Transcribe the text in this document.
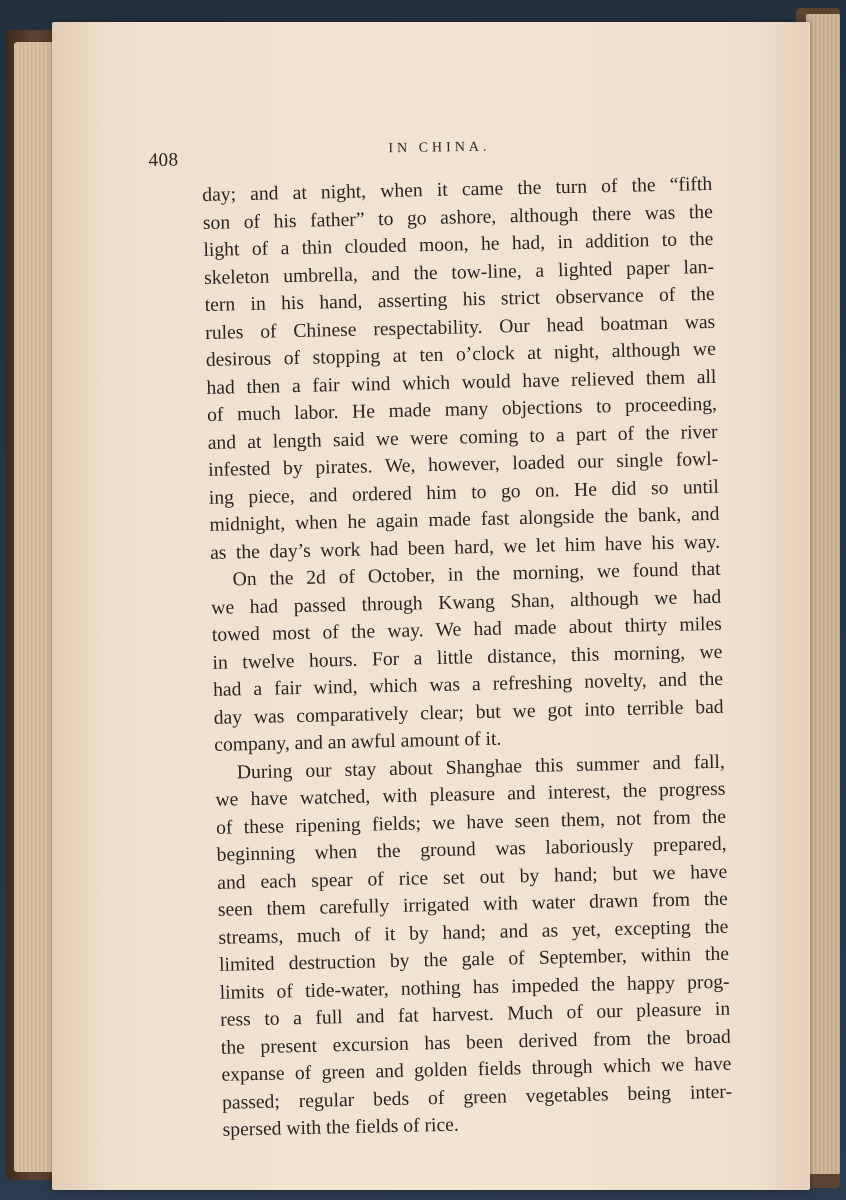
408
IN CHINA.
day; and at night, when it came the turn of the “fifth
son of his father” to go ashore, although there was the
light of a thin clouded moon, he had, in addition to the
skeleton umbrella, and the tow-line, a lighted paper lan-
tern in his hand, asserting his strict observance of the
rules of Chinese respectability. Our head boatman was
desirous of stopping at ten o’clock at night, although we
had then a fair wind which would have relieved them all
of much labor. He made many objections to proceeding,
and at length said we were coming to a part of the river
infested by pirates. We, however, loaded our single fowl-
ing piece, and ordered him to go on. He did so until
midnight, when he again made fast alongside the bank, and
as the day’s work had been hard, we let him have his way.
On the 2d of October, in the morning, we found that
we had passed through Kwang Shan, although we had
towed most of the way. We had made about thirty miles
in twelve hours. For a little distance, this morning, we
had a fair wind, which was a refreshing novelty, and the
day was comparatively clear; but we got into terrible bad
company, and an awful amount of it.
During our stay about Shanghae this summer and fall,
we have watched, with pleasure and interest, the progress
of these ripening fields; we have seen them, not from the
beginning when the ground was laboriously prepared,
and each spear of rice set out by hand; but we have
seen them carefully irrigated with water drawn from the
streams, much of it by hand; and as yet, excepting the
limited destruction by the gale of September, within the
limits of tide-water, nothing has impeded the happy prog-
ress to a full and fat harvest. Much of our pleasure in
the present excursion has been derived from the broad
expanse of green and golden fields through which we have
passed; regular beds of green vegetables being inter-
spersed with the fields of rice.
